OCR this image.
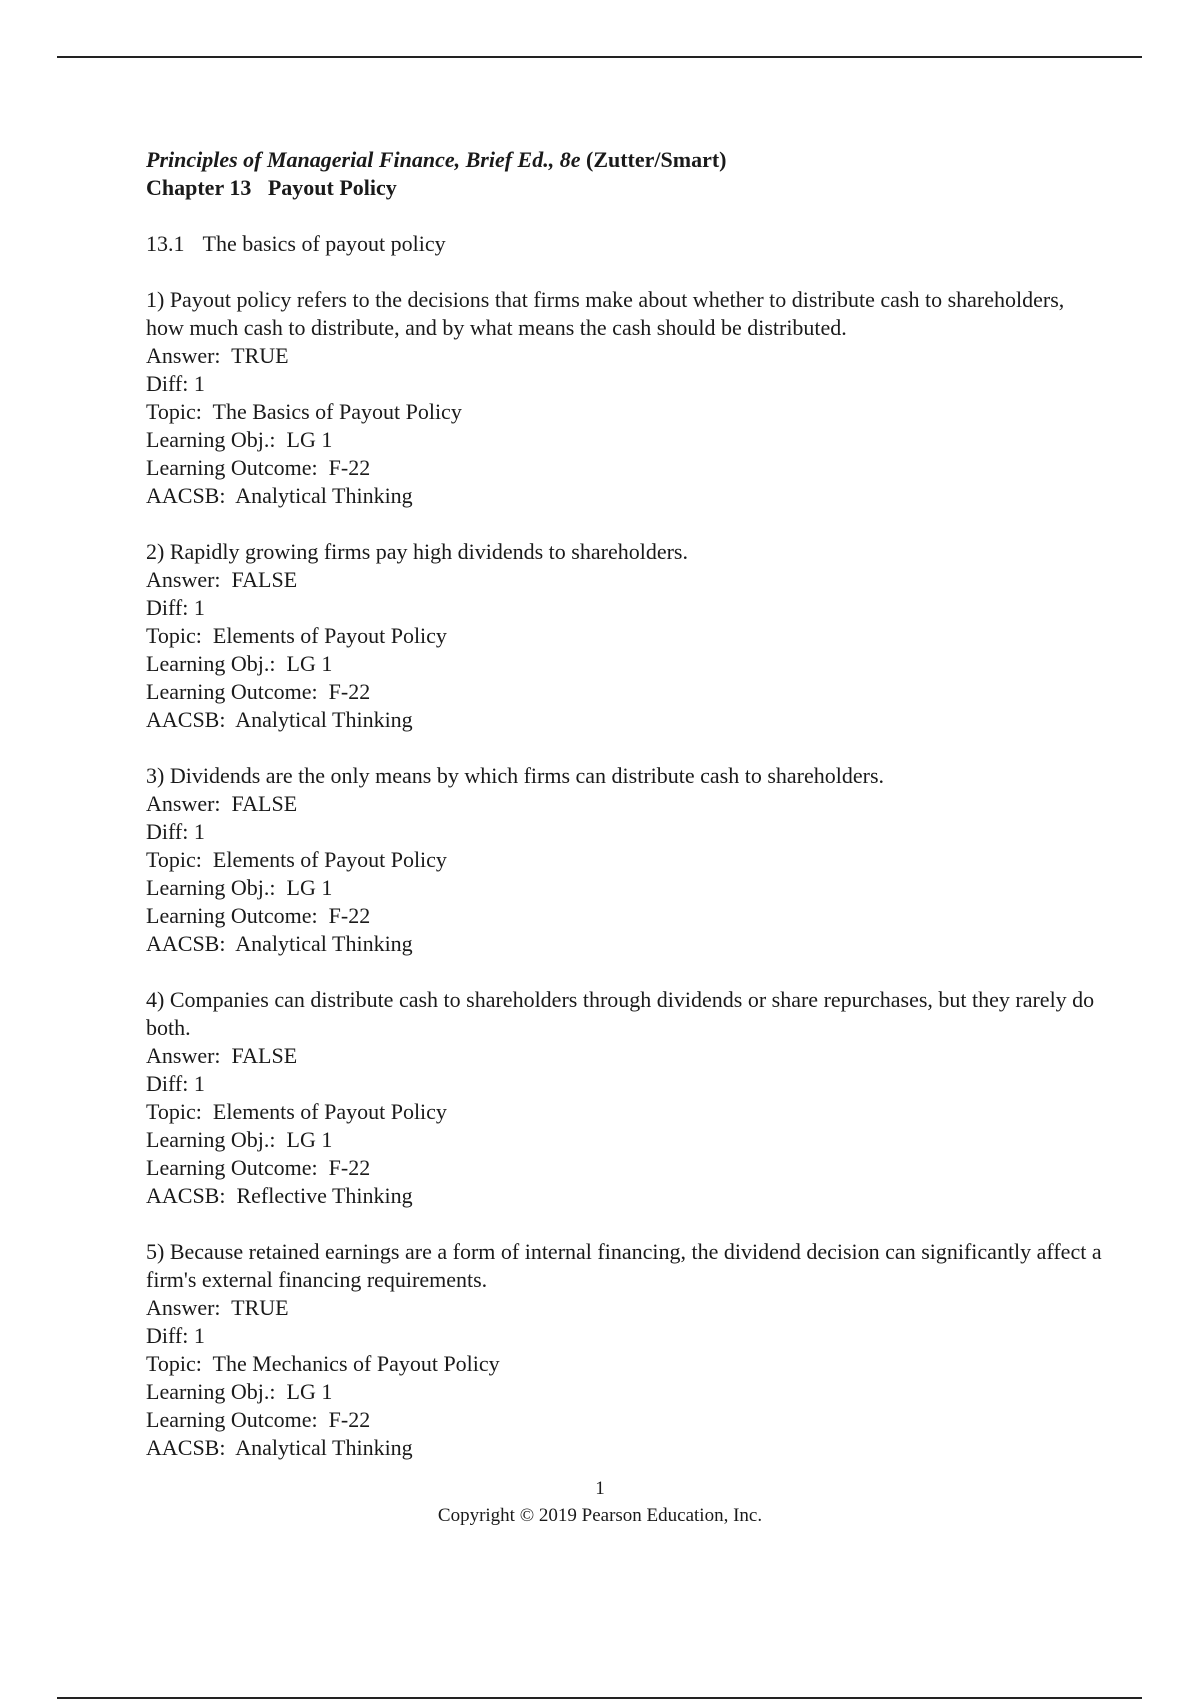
Principles of Managerial Finance, Brief Ed., 8e (Zutter/Smart)
Chapter 13 Payout Policy
13.1 The basics of payout policy
1) Payout policy refers to the decisions that firms make about whether to distribute cash to shareholders, how much cash to distribute, and by what means the cash should be distributed.
Answer: TRUE
Diff: 1
Topic: The Basics of Payout Policy
Learning Obj.: LG 1
Learning Outcome: F-22
AACSB: Analytical Thinking
2) Rapidly growing firms pay high dividends to shareholders.
Answer: FALSE
Diff: 1
Topic: Elements of Payout Policy
Learning Obj.: LG 1
Learning Outcome: F-22
AACSB: Analytical Thinking
3) Dividends are the only means by which firms can distribute cash to shareholders.
Answer: FALSE
Diff: 1
Topic: Elements of Payout Policy
Learning Obj.: LG 1
Learning Outcome: F-22
AACSB: Analytical Thinking
4) Companies can distribute cash to shareholders through dividends or share repurchases, but they rarely do both.
Answer: FALSE
Diff: 1
Topic: Elements of Payout Policy
Learning Obj.: LG 1
Learning Outcome: F-22
AACSB: Reflective Thinking
5) Because retained earnings are a form of internal financing, the dividend decision can significantly affect a firm's external financing requirements.
Answer: TRUE
Diff: 1
Topic: The Mechanics of Payout Policy
Learning Obj.: LG 1
Learning Outcome: F-22
AACSB: Analytical Thinking
1
Copyright © 2019 Pearson Education, Inc.
